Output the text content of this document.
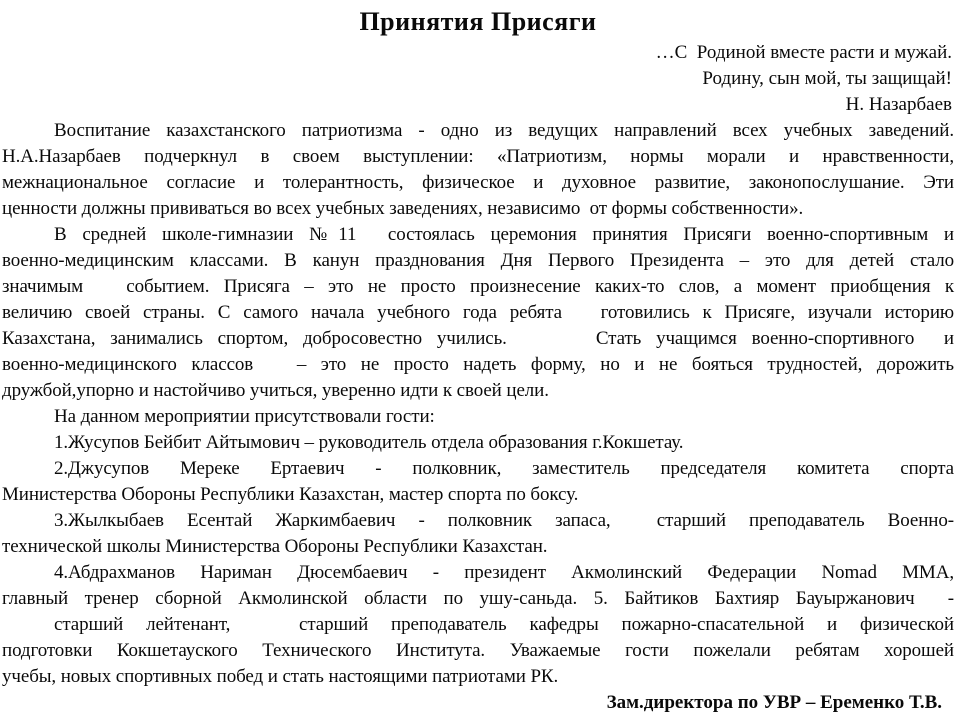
Принятия Присяги
…С  Родиной вместе расти и мужай.
Родину, сын мой, ты защищай!
Н. Назарбаев
Воспитание казахстанского патриотизма - одно из ведущих направлений всех учебных заведений.
Н.А.Назарбаев подчеркнул в своем выступлении: «Патриотизм, нормы морали и нравственности,
межнациональное согласие и толерантность, физическое и духовное развитие, законопослушание. Эти
ценности должны прививаться во всех учебных заведениях, независимо  от формы собственности».
В средней школе-гимназии №11  состоялась церемония принятия Присяги военно-спортивным и
военно-медицинским классами. В канун празднования Дня Первого Президента – это для детей стало
значимым   событием. Присяга – это не просто произнесение каких-то слов, а момент приобщения к
величию своей страны. С самого начала учебного года ребята   готовились к Присяге, изучали историю
Казахстана, занимались спортом, добросовестно учились.      Стать учащимся военно-спортивного  и
военно-медицинского классов   – это не просто надеть форму, но и не бояться трудностей, дорожить
дружбой,упорно и настойчиво учиться, уверенно идти к своей цели.
На данном мероприятии присутствовали гости:
1.Жусупов Бейбит Айтымович – руководитель отдела образования г.Кокшетау.
2.Джусупов Мереке Ертаевич - полковник, заместитель председателя комитета спорта
Министерства Обороны Республики Казахстан, мастер спорта по боксу.
3.Жылкыбаев Есентай Жаркимбаевич - полковник запаса,  старший преподаватель Военно-
технической школы Министерства Обороны Республики Казахстан.
4.Абдрахманов Нариман Дюсембаевич - президент Акмолинский Федерации Nomad MMA,
главный тренер сборной Акмолинской области по ушу-саньда. 5. Байтиков Бахтияр Бауыржанович  -
старший лейтенант,   старший преподаватель кафедры пожарно-спасательной и физической
подготовки Кокшетауского Технического Института. Уважаемые гости пожелали ребятам хорошей
учебы, новых спортивных побед и стать настоящими патриотами РК.
Зам.директора по УВР – Еременко Т.В.
